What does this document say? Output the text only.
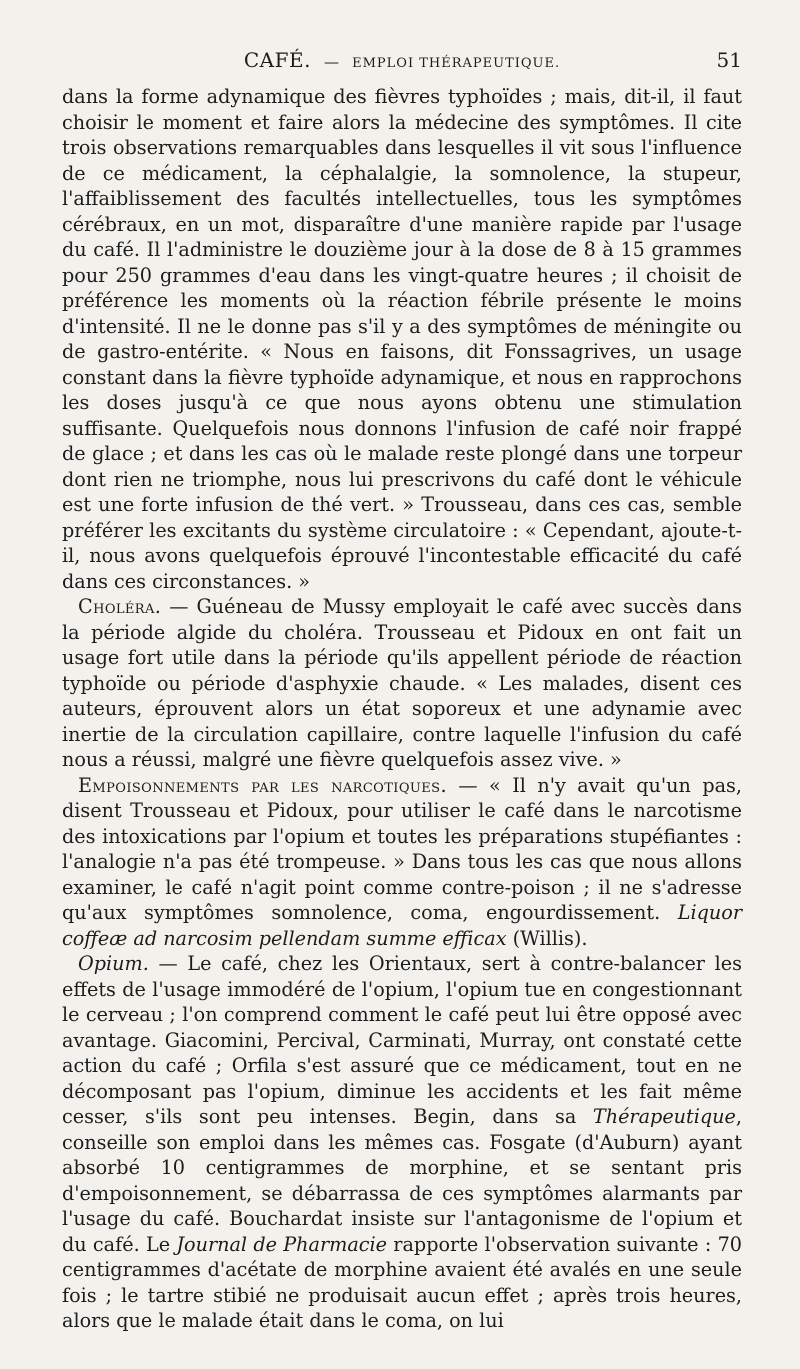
CAFÉ. — EMPLOI THÉRAPEUTIQUE.	51

dans la forme adynamique des fièvres typhoïdes ; mais, dit-il, il faut choisir le moment et faire alors la médecine des symptômes. Il cite trois observations remarquables dans lesquelles il vit sous l'influence de ce médicament, la céphalalgie, la somnolence, la stupeur, l'affaiblissement des facultés intellectuelles, tous les symptômes cérébraux, en un mot, disparaître d'une manière rapide par l'usage du café. Il l'administre le douzième jour à la dose de 8 à 15 grammes pour 250 grammes d'eau dans les vingt-quatre heures ; il choisit de préférence les moments où la réaction fébrile présente le moins d'intensité. Il ne le donne pas s'il y a des symptômes de méningite ou de gastro-entérite. « Nous en faisons, dit Fonssagrives, un usage constant dans la fièvre typhoïde adynamique, et nous en rapprochons les doses jusqu'à ce que nous ayons obtenu une stimulation suffisante. Quelquefois nous donnons l'infusion de café noir frappé de glace ; et dans les cas où le malade reste plongé dans une torpeur dont rien ne triomphe, nous lui prescrivons du café dont le véhicule est une forte infusion de thé vert. » Trousseau, dans ces cas, semble préférer les excitants du système circulatoire : « Cependant, ajoute-t-il, nous avons quelquefois éprouvé l'incontestable efficacité du café dans ces circonstances. »

Choléra. — Guéneau de Mussy employait le café avec succès dans la période algide du choléra. Trousseau et Pidoux en ont fait un usage fort utile dans la période qu'ils appellent période de réaction typhoïde ou période d'asphyxie chaude. « Les malades, disent ces auteurs, éprouvent alors un état soporeux et une adynamie avec inertie de la circulation capillaire, contre laquelle l'infusion du café nous a réussi, malgré une fièvre quelquefois assez vive. »

Empoisonnements par les narcotiques. — « Il n'y avait qu'un pas, disent Trousseau et Pidoux, pour utiliser le café dans le narcotisme des intoxications par l'opium et toutes les préparations stupéfiantes : l'analogie n'a pas été trompeuse. » Dans tous les cas que nous allons examiner, le café n'agit point comme contre-poison ; il ne s'adresse qu'aux symptômes somnolence, coma, engourdissement. Liquor coffeæ ad narcosim pellendam summe efficax (Willis).

Opium. — Le café, chez les Orientaux, sert à contre-balancer les effets de l'usage immodéré de l'opium, l'opium tue en congestionnant le cerveau ; l'on comprend comment le café peut lui être opposé avec avantage. Giacomini, Percival, Carminati, Murray, ont constaté cette action du café ; Orfila s'est assuré que ce médicament, tout en ne décomposant pas l'opium, diminue les accidents et les fait même cesser, s'ils sont peu intenses. Begin, dans sa Thérapeutique, conseille son emploi dans les mêmes cas. Fosgate (d'Auburn) ayant absorbé 10 centigrammes de morphine, et se sentant pris d'empoisonnement, se débarrassa de ces symptômes alarmants par l'usage du café. Bouchardat insiste sur l'antagonisme de l'opium et du café. Le Journal de Pharmacie rapporte l'observation suivante : 70 centigrammes d'acétate de morphine avaient été avalés en une seule fois ; le tartre stibié ne produisait aucun effet ; après trois heures, alors que le malade était dans le coma, on lui
